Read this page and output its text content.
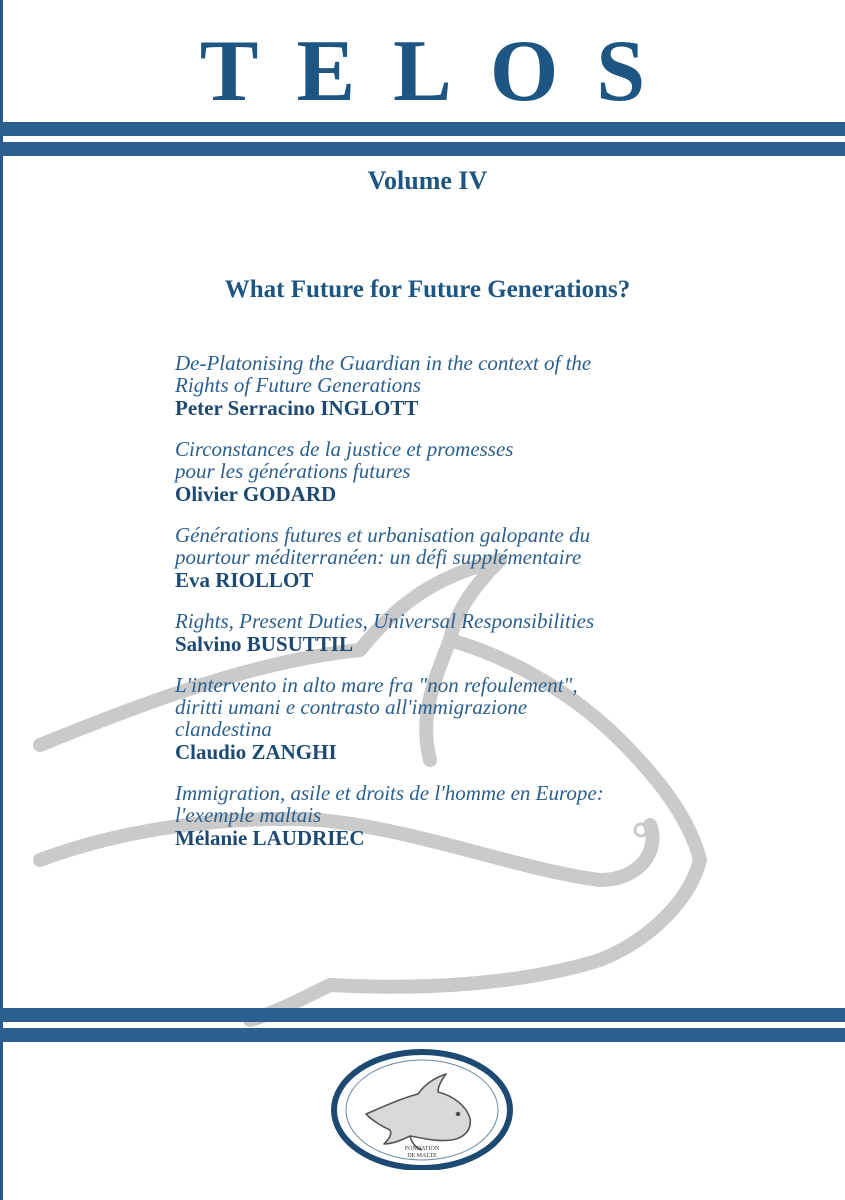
TELOS
Volume IV
What Future for Future Generations?
De-Platonising the Guardian in the context of the
Rights of Future Generations
Peter Serracino INGLOTT
Circonstances de la justice et promesses
pour les générations futures
Olivier GODARD
Générations futures et urbanisation galopante du
pourtour méditerranéen: un défi supplémentaire
Eva RIOLLOT
Rights, Present Duties, Universal Responsibilities
Salvino BUSUTTIL
L'intervento in alto mare fra "non refoulement",
diritti umani e contrasto all'immigrazione
clandestina
Claudio ZANGHI
Immigration, asile et droits de l'homme en Europe:
l'exemple maltais
Mélanie LAUDRIEC
FONDATION
DE MALTE
